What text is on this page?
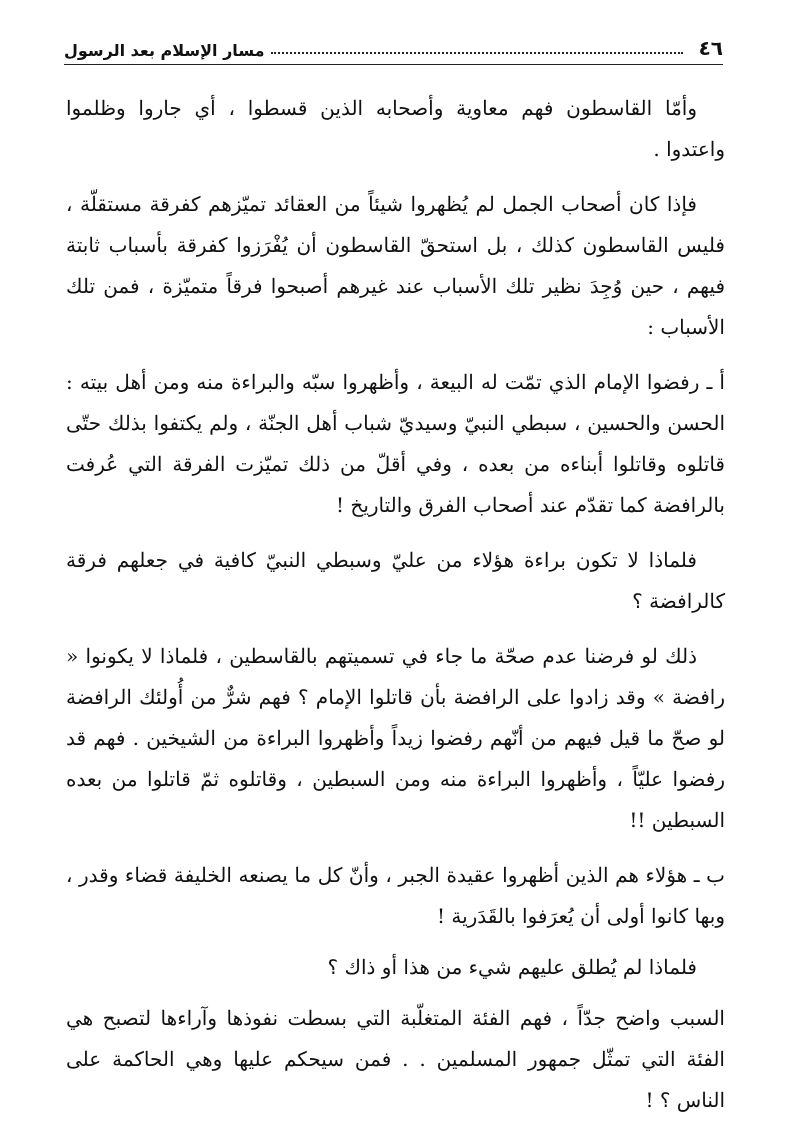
٤٦
مسار الإسلام بعد الرسول

وأمّا القاسطون فهم معاوية وأصحابه الذين قسطوا ، أي جاروا وظلموا واعتدوا .

فإذا كان أصحاب الجمل لم يُظهروا شيئاً من العقائد تميّزهم كفرقة مستقلّة ، فليس القاسطون كذلك ، بل استحقّ القاسطون أن يُفْرَزوا كفرقة بأسباب ثابتة فيهم ، حين وُجِدَ نظير تلك الأسباب عند غيرهم أصبحوا فرقاً متميّزة ، فمن تلك الأسباب :

أ ـ رفضوا الإمام الذي تمّت له البيعة ، وأظهروا سبّه والبراءة منه ومن أهل بيته : الحسن والحسين ، سبطي النبيّ وسيديّ شباب أهل الجنّة ، ولم يكتفوا بذلك حتّى قاتلوه وقاتلوا أبناءه من بعده ، وفي أقلّ من ذلك تميّزت الفرقة التي عُرفت بالرافضة كما تقدّم عند أصحاب الفرق والتاريخ !

فلماذا لا تكون براءة هؤلاء من عليّ وسبطي النبيّ كافية في جعلهم فرقة كالرافضة ؟

ذلك لو فرضنا عدم صحّة ما جاء في تسميتهم بالقاسطين ، فلماذا لا يكونوا « رافضة » وقد زادوا على الرافضة بأن قاتلوا الإمام ؟ فهم شرٌّ من أُولئك الرافضة لو صحّ ما قيل فيهم من أنّهم رفضوا زيداً وأظهروا البراءة من الشيخين . فهم قد رفضوا عليّاً ، وأظهروا البراءة منه ومن السبطين ، وقاتلوه ثمّ قاتلوا من بعده السبطين !!

ب ـ هؤلاء هم الذين أظهروا عقيدة الجبر ، وأنّ كل ما يصنعه الخليفة قضاء وقدر ، وبها كانوا أولى أن يُعرَفوا بالقَدَرية !

فلماذا لم يُطلق عليهم شيء من هذا أو ذاك ؟

السبب واضح جدّاً ، فهم الفئة المتغلّبة التي بسطت نفوذها وآراءها لتصبح هي الفئة التي تمثّل جمهور المسلمين . . فمن سيحكم عليها وهي الحاكمة على الناس ؟ !
